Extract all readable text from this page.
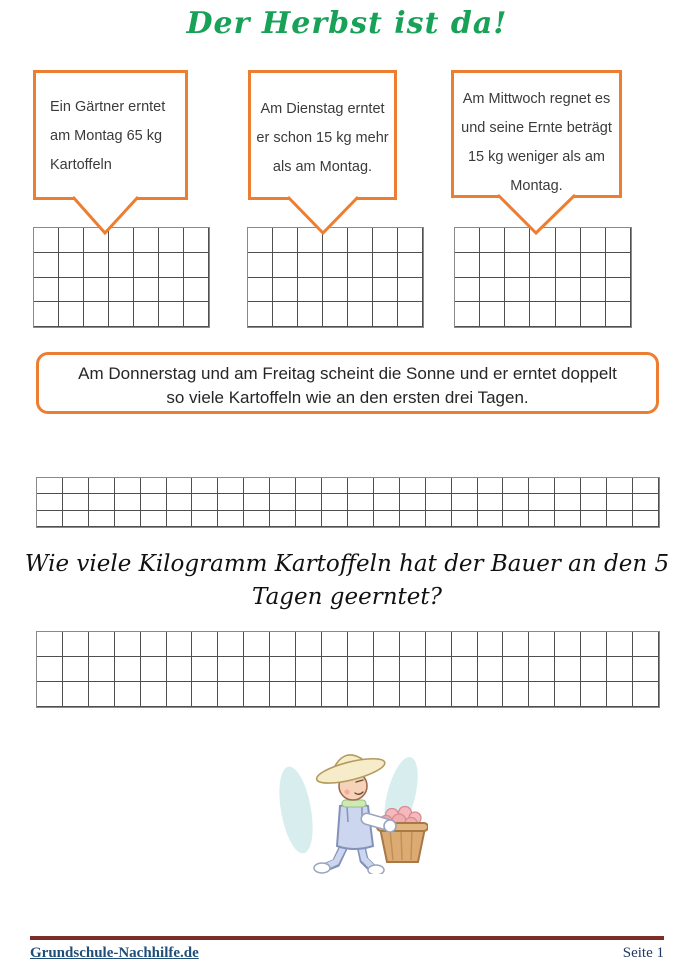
Der Herbst ist da!
Ein Gärtner erntet
am Montag 65 kg
Kartoffeln
Am Dienstag erntet
er schon 15 kg mehr
als am Montag.
Am Mittwoch regnet es
und seine Ernte beträgt
15 kg weniger als am
Montag.
Am Donnerstag und am Freitag scheint die Sonne und er erntet doppelt
so viele Kartoffeln wie an den ersten drei Tagen.
Wie viele Kilogramm Kartoffeln hat der Bauer an den 5
Tagen geerntet?
Grundschule-Nachhilfe.de	Seite 1
